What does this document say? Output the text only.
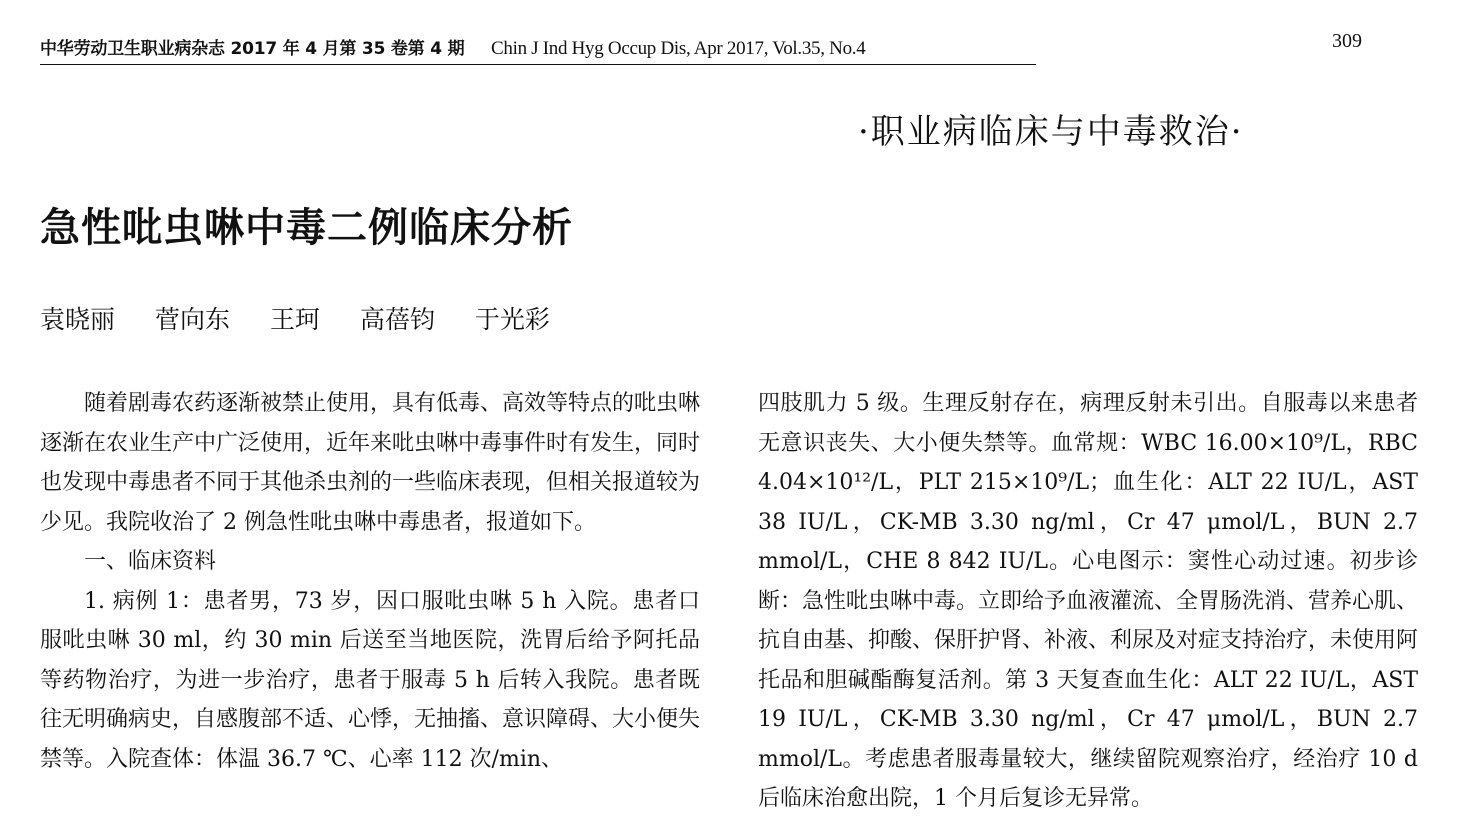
中华劳动卫生职业病杂志 2017 年 4 月第 35 卷第 4 期 Chin J Ind Hyg Occup Dis, Apr 2017, Vol.35, No.4	309
·职业病临床与中毒救治·
急性吡虫啉中毒二例临床分析
袁晓丽 菅向东 王珂 高蓓钧 于光彩

随着剧毒农药逐渐被禁止使用，具有低毒、高效等特点的吡虫啉逐渐在农业生产中广泛使用，近年来吡虫啉中毒事件时有发生，同时也发现中毒患者不同于其他杀虫剂的一些临床表现，但相关报道较为少见。我院收治了 2 例急性吡虫啉中毒患者，报道如下。

一、临床资料

1. 病例 1：患者男，73 岁，因口服吡虫啉 5 h 入院。患者口服吡虫啉 30 ml，约 30 min 后送至当地医院，洗胃后给予阿托品等药物治疗，为进一步治疗，患者于服毒 5 h 后转入我院。患者既往无明确病史，自感腹部不适、心悸，无抽搐、意识障碍、大小便失禁等。入院查体：体温 36.7 ℃、心率 112 次/min、

四肢肌力 5 级。生理反射存在，病理反射未引出。自服毒以来患者无意识丧失、大小便失禁等。血常规：WBC 16.00×10⁹/L，RBC 4.04×10¹²/L，PLT 215×10⁹/L；血生化：ALT 22 IU/L，AST 38 IU/L，CK-MB 3.30 ng/ml，Cr 47 μmol/L，BUN 2.7 mmol/L，CHE 8 842 IU/L。心电图示：窦性心动过速。初步诊断：急性吡虫啉中毒。立即给予血液灌流、全胃肠洗消、营养心肌、抗自由基、抑酸、保肝护肾、补液、利尿及对症支持治疗，未使用阿托品和胆碱酯酶复活剂。第 3 天复查血生化：ALT 22 IU/L，AST 19 IU/L，CK-MB 3.30 ng/ml，Cr 47 μmol/L，BUN 2.7 mmol/L。考虑患者服毒量较大，继续留院观察治疗，经治疗 10 d 后临床治愈出院，1 个月后复诊无异常。
